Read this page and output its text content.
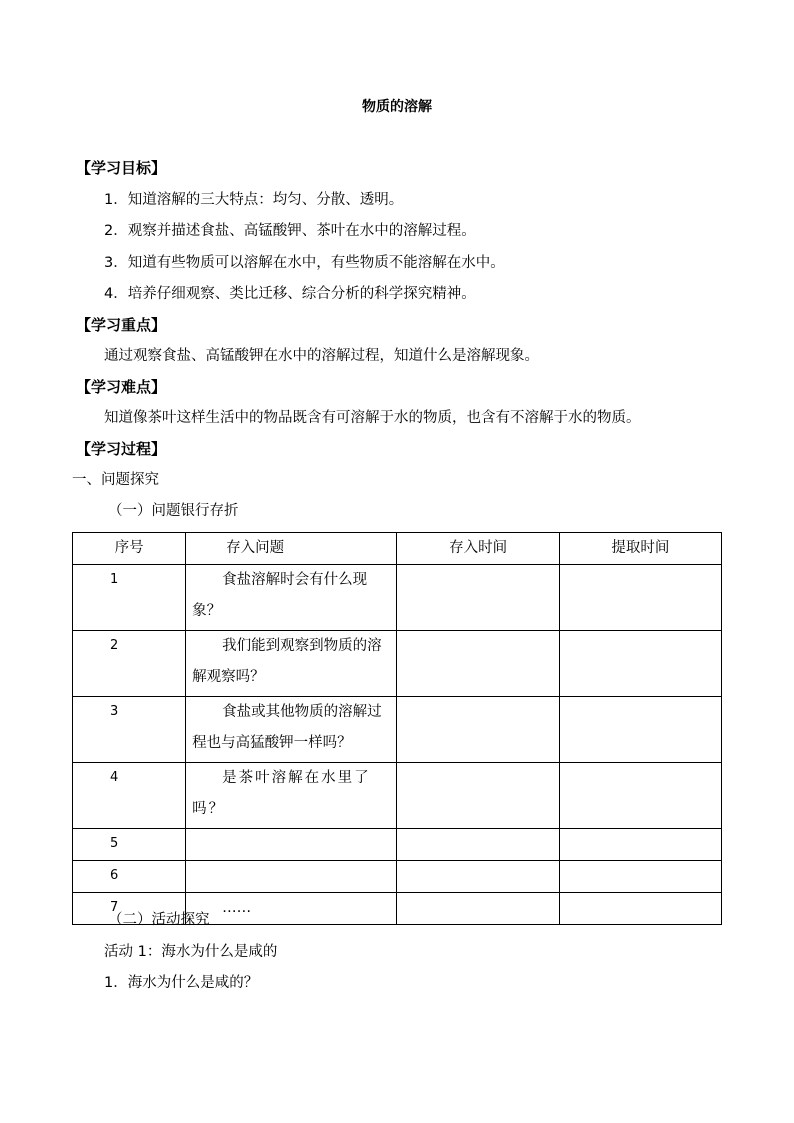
物质的溶解
【学习目标】
1．知道溶解的三大特点：均匀、分散、透明。
2．观察并描述食盐、高锰酸钾、茶叶在水中的溶解过程。
3．知道有些物质可以溶解在水中，有些物质不能溶解在水中。
4．培养仔细观察、类比迁移、综合分析的科学探究精神。
【学习重点】
通过观察食盐、高锰酸钾在水中的溶解过程，知道什么是溶解现象。
【学习难点】
知道像茶叶这样生活中的物品既含有可溶解于水的物质，也含有不溶解于水的物质。
【学习过程】
一、问题探究
（一）问题银行存折
序号	存入问题	存入时间	提取时间
1	食盐溶解时会有什么现象？		
2	我们能到观察到物质的溶解观察吗？		
3	食盐或其他物质的溶解过程也与高猛酸钾一样吗？		
4	是茶叶溶解在水里了吗？		
5			
6			
7	……		
（二）活动探究
活动 1：海水为什么是咸的
1．海水为什么是咸的？
